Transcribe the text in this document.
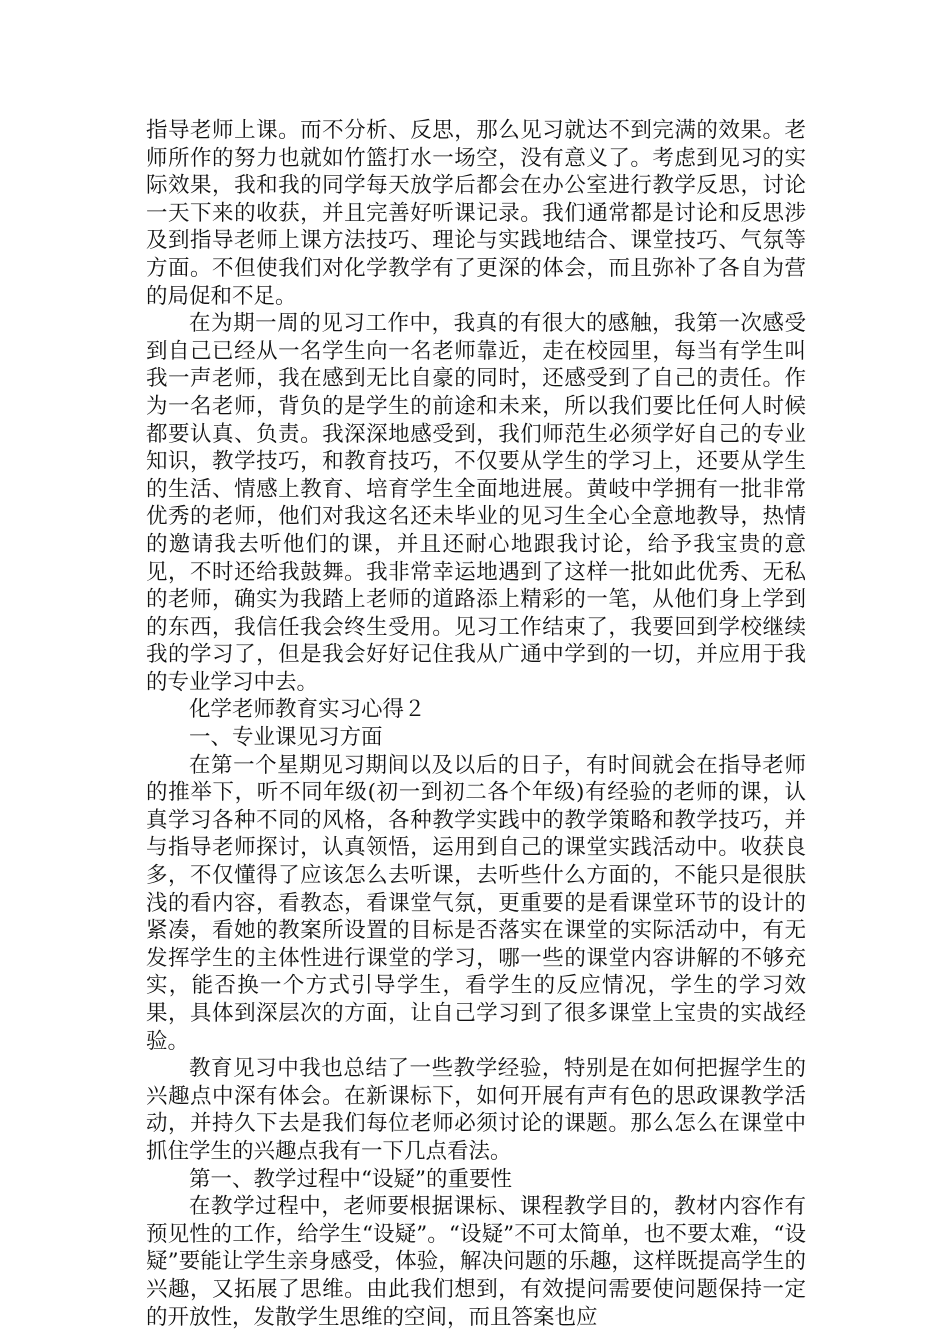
指导老师上课。而不分析、反思，那么见习就达不到完满的效果。老师所作的努力也就如竹篮打水一场空，没有意义了。考虑到见习的实际效果，我和我的同学每天放学后都会在办公室进行教学反思，讨论一天下来的收获，并且完善好听课记录。我们通常都是讨论和反思涉及到指导老师上课方法技巧、理论与实践地结合、课堂技巧、气氛等方面。不但使我们对化学教学有了更深的体会，而且弥补了各自为营的局促和不足。

在为期一周的见习工作中，我真的有很大的感触，我第一次感受到自己已经从一名学生向一名老师靠近，走在校园里，每当有学生叫我一声老师，我在感到无比自豪的同时，还感受到了自己的责任。作为一名老师，背负的是学生的前途和未来，所以我们要比任何人时候都要认真、负责。我深深地感受到，我们师范生必须学好自己的专业知识，教学技巧，和教育技巧，不仅要从学生的学习上，还要从学生的生活、情感上教育、培育学生全面地进展。黄岐中学拥有一批非常优秀的老师，他们对我这名还未毕业的见习生全心全意地教导，热情的邀请我去听他们的课，并且还耐心地跟我讨论，给予我宝贵的意见，不时还给我鼓舞。我非常幸运地遇到了这样一批如此优秀、无私的老师，确实为我踏上老师的道路添上精彩的一笔，从他们身上学到的东西，我信任我会终生受用。见习工作结束了，我要回到学校继续我的学习了，但是我会好好记住我从广通中学到的一切，并应用于我的专业学习中去。

化学老师教育实习心得２

一、专业课见习方面

在第一个星期见习期间以及以后的日子，有时间就会在指导老师的推举下，听不同年级(初一到初二各个年级)有经验的老师的课，认真学习各种不同的风格，各种教学实践中的教学策略和教学技巧，并与指导老师探讨，认真领悟，运用到自己的课堂实践活动中。收获良多，不仅懂得了应该怎么去听课，去听些什么方面的，不能只是很肤浅的看内容，看教态，看课堂气氛，更重要的是看课堂环节的设计的紧凑，看她的教案所设置的目标是否落实在课堂的实际活动中，有无发挥学生的主体性进行课堂的学习，哪一些的课堂内容讲解的不够充实，能否换一个方式引导学生，看学生的反应情况，学生的学习效果，具体到深层次的方面，让自己学习到了很多课堂上宝贵的实战经验。

教育见习中我也总结了一些教学经验，特别是在如何把握学生的兴趣点中深有体会。在新课标下，如何开展有声有色的思政课教学活动，并持久下去是我们每位老师必须讨论的课题。那么怎么在课堂中抓住学生的兴趣点我有一下几点看法。

第一、教学过程中“设疑”的重要性

在教学过程中，老师要根据课标、课程教学目的，教材内容作有预见性的工作，给学生“设疑”。“设疑”不可太简单，也不要太难，“设疑”要能让学生亲身感受，体验，解决问题的乐趣，这样既提高学生的兴趣，又拓展了思维。由此我们想到，有效提问需要使问题保持一定的开放性，发散学生思维的空间，而且答案也应
